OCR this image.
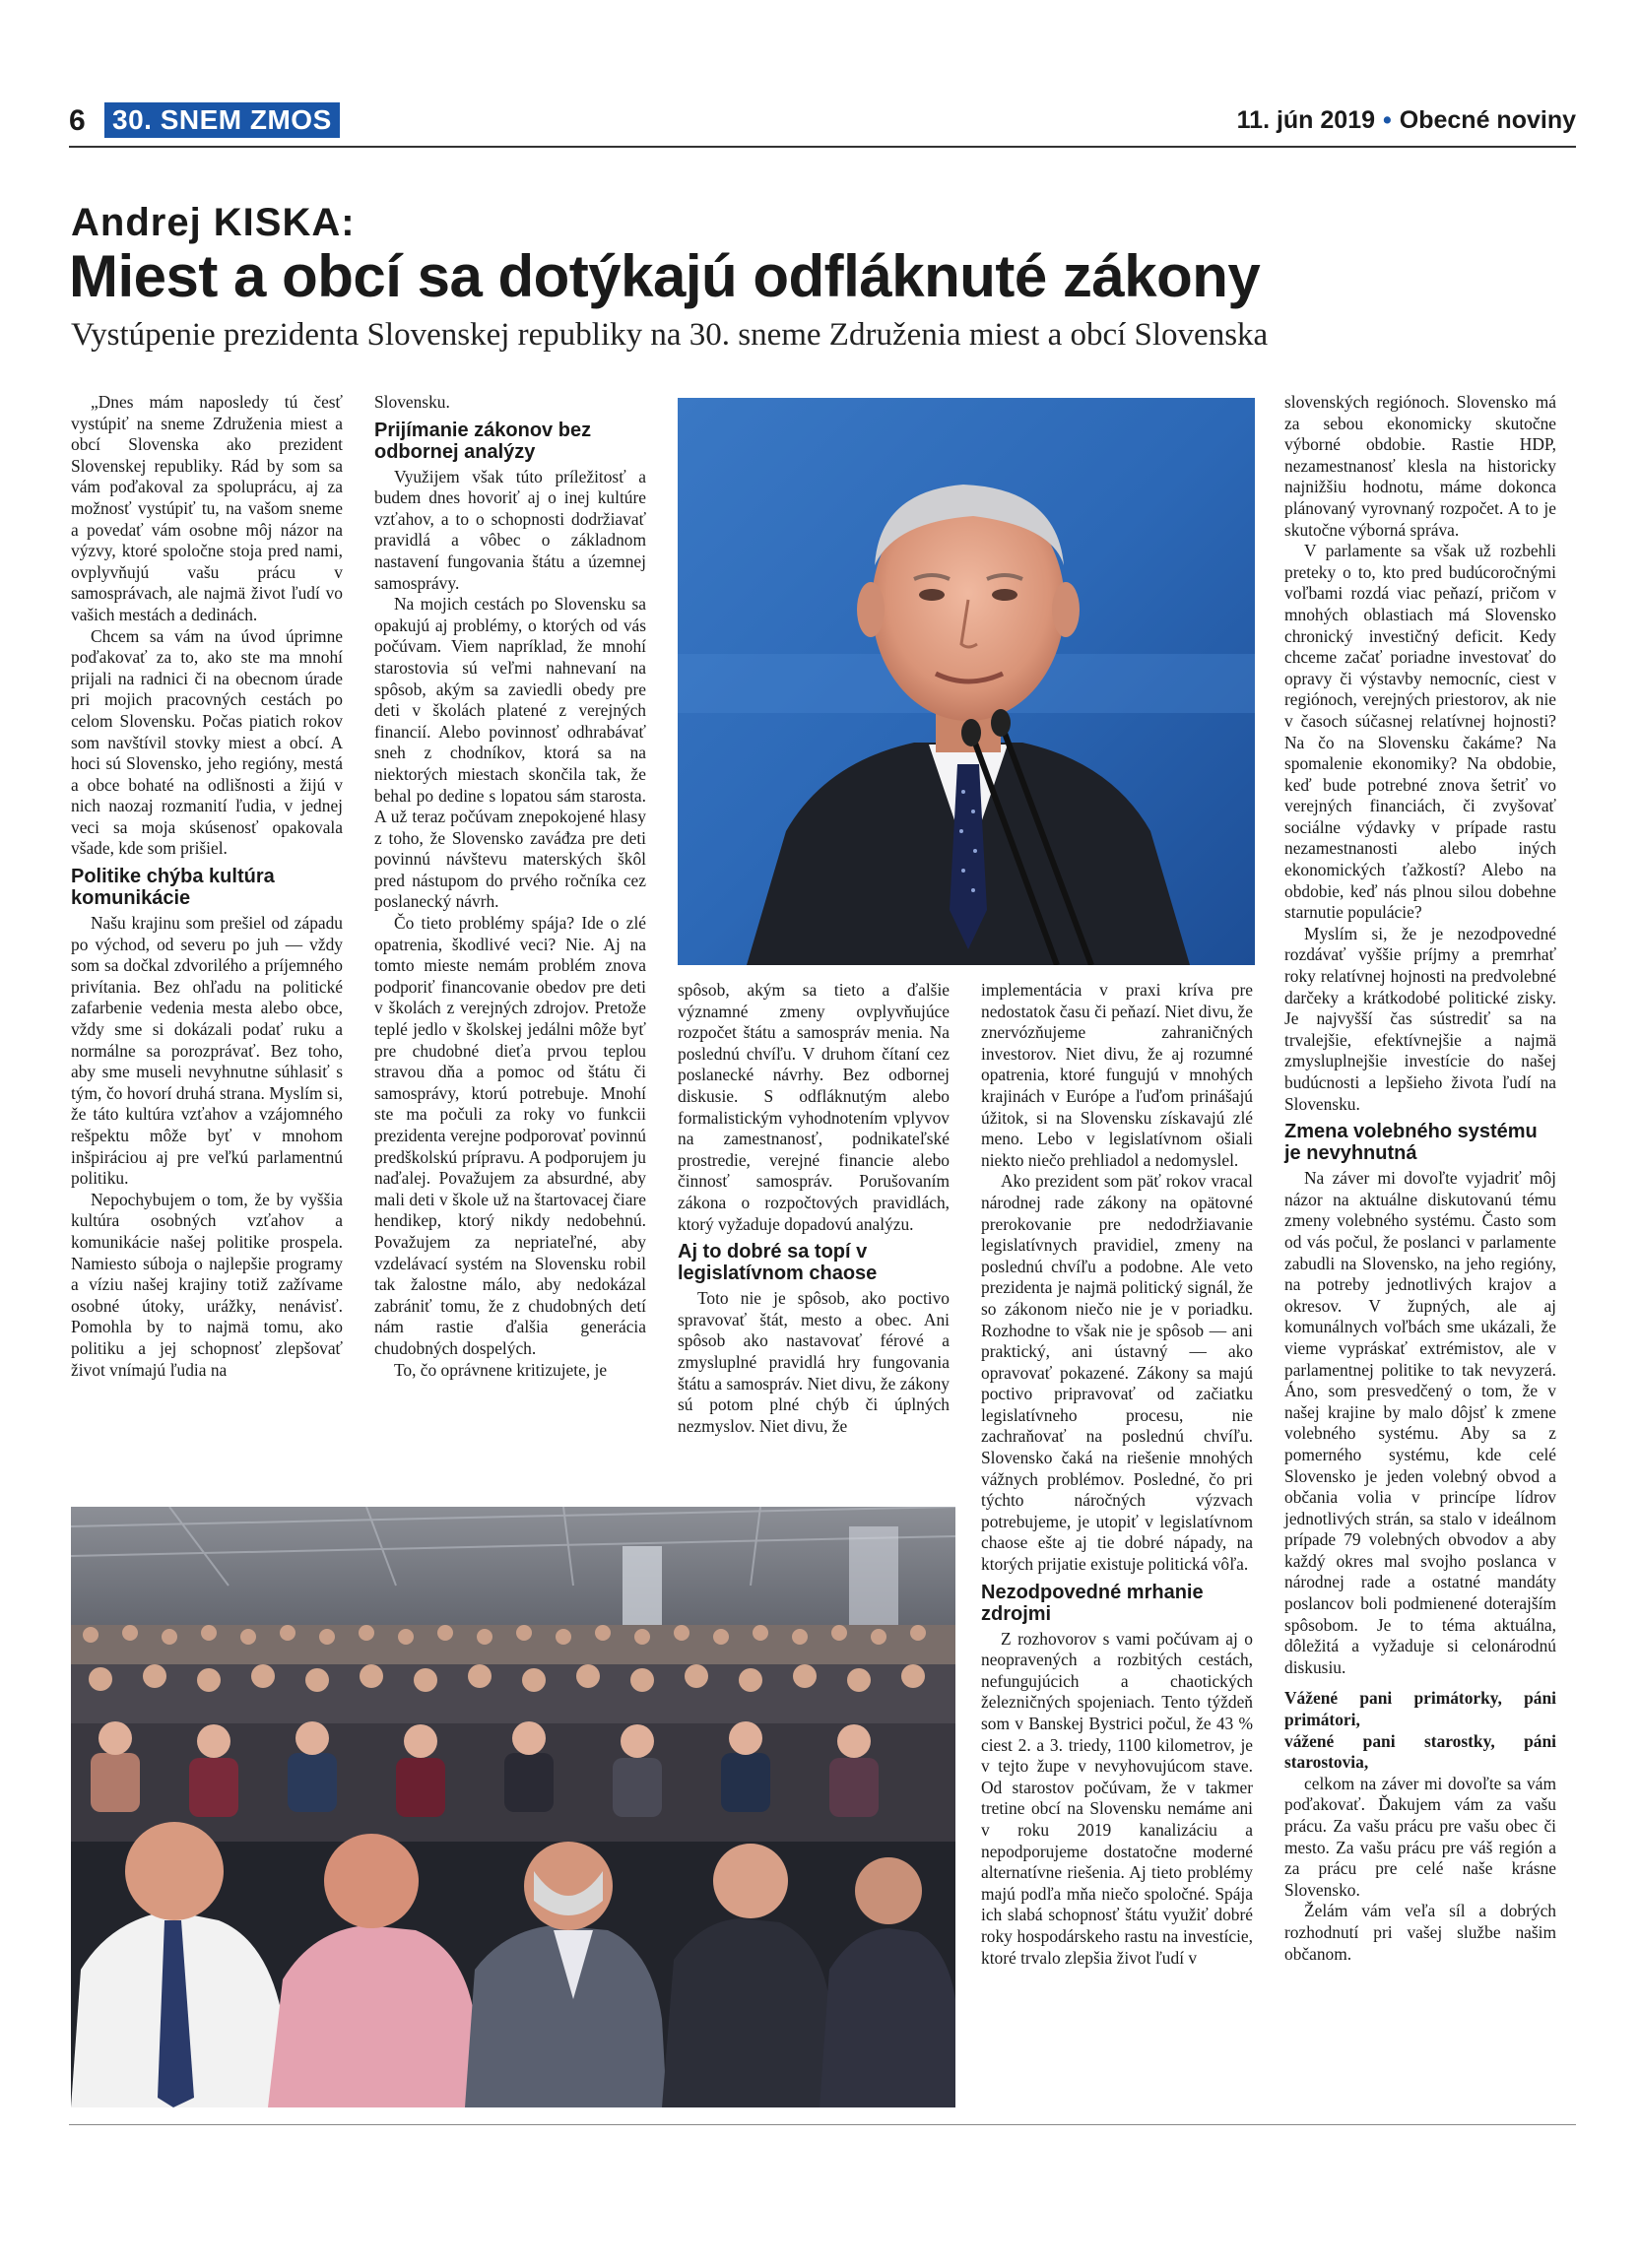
6 30. SNEM ZMOS	11. jún 2019 • Obecné noviny
Andrej KISKA:
Miest a obcí sa dotýkajú odfláknuté zákony
Vystúpenie prezidenta Slovenskej republiky na 30. sneme Združenia miest a obcí Slovenska

„Dnes mám naposledy tú česť vystúpiť na sneme Združenia miest a obcí Slovenska ako prezident Slovenskej republiky. Rád by som sa vám poďakoval za spoluprácu, aj za možnosť vystúpiť tu, na vašom sneme a povedať vám osobne môj názor na výzvy, ktoré spoločne stoja pred nami, ovplyvňujú vašu prácu v samosprávach, ale najmä život ľudí vo vašich mestách a dedinách.

Chcem sa vám na úvod úprimne poďakovať za to, ako ste ma mnohí prijali na radnici či na obecnom úrade pri mojich pracovných cestách po celom Slovensku. Počas piatich rokov som navštívil stovky miest a obcí. A hoci sú Slovensko, jeho regióny, mestá a obce bohaté na odlišnosti a žijú v nich naozaj rozmanití ľudia, v jednej veci sa moja skúsenosť opakovala všade, kde som prišiel.

Politike chýba kultúra komunikácie

Našu krajinu som prešiel od západu po východ, od severu po juh — vždy som sa dočkal zdvorilého a príjemného privítania. Bez ohľadu na politické zafarbenie vedenia mesta alebo obce, vždy sme si dokázali podať ruku a normálne sa porozprávať. Bez toho, aby sme museli nevyhnutne súhlasiť s tým, čo hovorí druhá strana. Myslím si, že táto kultúra vzťahov a vzájomného rešpektu môže byť v mnohom inšpiráciou aj pre veľkú parlamentnú politiku.

Nepochybujem o tom, že by vyššia kultúra osobných vzťahov a komunikácie našej politike prospela. Namiesto súboja o najlepšie programy a víziu našej krajiny totiž zažívame osobné útoky, urážky, nenávisť. Pomohla by to najmä tomu, ako politiku a jej schopnosť zlepšovať život vnímajú ľudia na

Slovensku.

Prijímanie zákonov bez odbornej analýzy

Využijem však túto príležitosť a budem dnes hovoriť aj o inej kultúre vzťahov, a to o schopnosti dodržiavať pravidlá a vôbec o základnom nastavení fungovania štátu a územnej samosprávy.

Na mojich cestách po Slovensku sa opakujú aj problémy, o ktorých od vás počúvam. Viem napríklad, že mnohí starostovia sú veľmi nahnevaní na spôsob, akým sa zaviedli obedy pre deti v školách platené z verejných financií. Alebo povinnosť odhrabávať sneh z chodníkov, ktorá sa na niektorých miestach skončila tak, že behal po dedine s lopatou sám starosta. A už teraz počúvam znepokojené hlasy z toho, že Slovensko zaváđza pre deti povinnú návštevu materských škôl pred nástupom do prvého ročníka cez poslanecký návrh.

Čo tieto problémy spája? Ide o zlé opatrenia, škodlivé veci? Nie. Aj na tomto mieste nemám problém znova podporiť financovanie obedov pre deti v školách z verejných zdrojov. Pretože teplé jedlo v školskej jedálni môže byť pre chudobné dieťa prvou teplou stravou dňa a pomoc od štátu či samosprávy, ktorú potrebuje. Mnohí ste ma počuli za roky vo funkcii prezidenta verejne podporovať povinnú predškolskú prípravu. A podporujem ju naďalej. Považujem za absurdné, aby mali deti v škole už na štartovacej čiare hendikep, ktorý nikdy nedobehnú. Považujem za nepriateľné, aby vzdelávací systém na Slovensku robil tak žalostne málo, aby nedokázal zabrániť tomu, že z chudobných detí nám rastie ďalšia generácia chudobných dospelých.

To, čo oprávnene kritizujete, je

spôsob, akým sa tieto a ďalšie významné zmeny ovplyvňujúce rozpočet štátu a samospráv menia. Na poslednú chvíľu. V druhom čítaní cez poslanecké návrhy. Bez odbornej diskusie. S odfláknutým alebo formalistickým vyhodnotením vplyvov na zamestnanosť, podnikateľské prostredie, verejné financie alebo činnosť samospráv. Porušovaním zákona o rozpočtových pravidlách, ktorý vyžaduje dopadovú analýzu.

Aj to dobré sa topí v legislatívnom chaose

Toto nie je spôsob, ako poctivo spravovať štát, mesto a obec. Ani spôsob ako nastavovať férové a zmysluplné pravidlá hry fungovania štátu a samospráv. Niet divu, že zákony sú potom plné chýb či úplných nezmyslov. Niet divu, že

implementácia v praxi kríva pre nedostatok času či peňazí. Niet divu, že znervózňujeme zahraničných investorov. Niet divu, že aj rozumné opatrenia, ktoré fungujú v mnohých krajinách v Európe a ľuďom prinášajú úžitok, si na Slovensku získavajú zlé meno. Lebo v legislatívnom ošiali niekto niečo prehliadol a nedomyslel.

Ako prezident som päť rokov vracal národnej rade zákony na opätovné prerokovanie pre nedodržiavanie legislatívnych pravidiel, zmeny na poslednú chvíľu a podobne. Ale veto prezidenta je najmä politický signál, že so zákonom niečo nie je v poriadku. Rozhodne to však nie je spôsob — ani praktický, ani ústavný — ako opravovať pokazené. Zákony sa majú poctivo pripravovať od začiatku legislatívneho procesu, nie zachraňovať na poslednú chvíľu. Slovensko čaká na riešenie mnohých vážnych problémov. Posledné, čo pri týchto náročných výzvach potrebujeme, je utopiť v legislatívnom chaose ešte aj tie dobré nápady, na ktorých prijatie existuje politická vôľa.

Nezodpovedné mrhanie zdrojmi

Z rozhovorov s vami počúvam aj o neopravených a rozbitých cestách, nefungujúcich a chaotických železničných spojeniach. Tento týždeň som v Banskej Bystrici počul, že 43 % ciest 2. a 3. triedy, 1100 kilometrov, je v tejto župe v nevyhovujúcom stave. Od starostov počúvam, že v takmer tretine obcí na Slovensku nemáme ani v roku 2019 kanalizáciu a nepodporujeme dostatočne moderné alternatívne riešenia. Aj tieto problémy majú podľa mňa niečo spoločné. Spája ich slabá schopnosť štátu využiť dobré roky hospodárskeho rastu na investície, ktoré trvalo zlepšia život ľudí v

slovenských regiónoch. Slovensko má za sebou ekonomicky skutočne výborné obdobie. Rastie HDP, nezamestnanosť klesla na historicky najnižšiu hodnotu, máme dokonca plánovaný vyrovnaný rozpočet. A to je skutočne výborná správa.

V parlamente sa však už rozbehli preteky o to, kto pred budúcoročnými voľbami rozdá viac peňazí, pričom v mnohých oblastiach má Slovensko chronický investičný deficit. Kedy chceme začať poriadne investovať do opravy či výstavby nemocníc, ciest v regiónoch, verejných priestorov, ak nie v časoch súčasnej relatívnej hojnosti? Na čo na Slovensku čakáme? Na spomalenie ekonomiky? Na obdobie, keď bude potrebné znova šetriť vo verejných financiách, či zvyšovať sociálne výdavky v prípade rastu nezamestnanosti alebo iných ekonomických ťažkostí? Alebo na obdobie, keď nás plnou silou dobehne starnutie populácie?

Myslím si, že je nezodpovedné rozdávať vyššie príjmy a premrhať roky relatívnej hojnosti na predvolebné darčeky a krátkodobé politické zisky. Je najvyšší čas sústrediť sa na trvalejšie, efektívnejšie a najmä zmysluplnejšie investície do našej budúcnosti a lepšieho života ľudí na Slovensku.

Zmena volebného systému je nevyhnutná

Na záver mi dovoľte vyjadriť môj názor na aktuálne diskutovanú tému zmeny volebného systému. Často som od vás počul, že poslanci v parlamente zabudli na Slovensko, na jeho regióny, na potreby jednotlivých krajov a okresov. V župných, ale aj komunálnych voľbách sme ukázali, že vieme vypráskať extrémistov, ale v parlamentnej politike to tak nevyzerá. Áno, som presvedčený o tom, že v našej krajine by malo dôjsť k zmene volebného systému. Aby sa z pomerného systému, kde celé Slovensko je jeden volebný obvod a občania volia v princípe lídrov jednotlivých strán, sa stalo v ideálnom prípade 79 volebných obvodov a aby každý okres mal svojho poslanca v národnej rade a ostatné mandáty poslancov boli podmienené doterajším spôsobom. Je to téma aktuálna, dôležitá a vyžaduje si celonárodnú diskusiu.

Vážené pani primátorky, páni primátori,

vážené pani starostky, páni starostovia,

celkom na záver mi dovoľte sa vám poďakovať. Ďakujem vám za vašu prácu. Za vašu prácu pre vašu obec či mesto. Za vašu prácu pre váš región a za prácu pre celé naše krásne Slovensko.

Želám vám veľa síl a dobrých rozhodnutí pri vašej službe našim občanom.
